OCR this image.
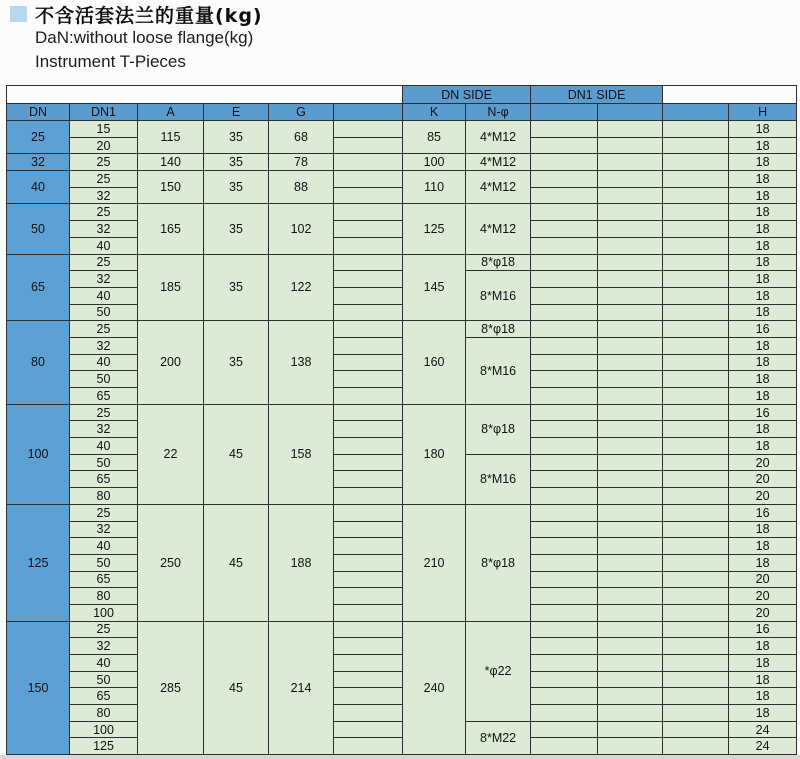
不含活套法兰的重量(kg)
DaN:without loose flange(kg)
Instrument T-Pieces
						DN SIDE		DN1 SIDE			
DN	DN1	A	E	G		K	N-φ				H
25	15	115	35	68		85	4*M12				18
	20										18
32	25	140	35	78		100	4*M12				18
40	25	150	35	88		110	4*M12				18
	32										18
50	25	165	35	102		125	4*M12				18
	32										18
	40										18
65	25	185	35	122		145	8*φ18				18
	32						8*M16				18
	40										18
	50										18
80	25	200	35	138		160	8*φ18				16
	32						8*M16				18
	40										18
	50										18
	65										18
100	25	22	45	158		180	8*φ18				16
	32										18
	40										18
	50						8*M16				20
	65										20
	80										20
125	25	250	45	188		210	8*φ18				16
	32										18
	40										18
	50										18
	65										20
	80										20
	100										20
150	25	285	45	214		240	*φ22				16
	32										18
	40										18
	50										18
	65										18
	80										18
	100						8*M22				24
	125										24
